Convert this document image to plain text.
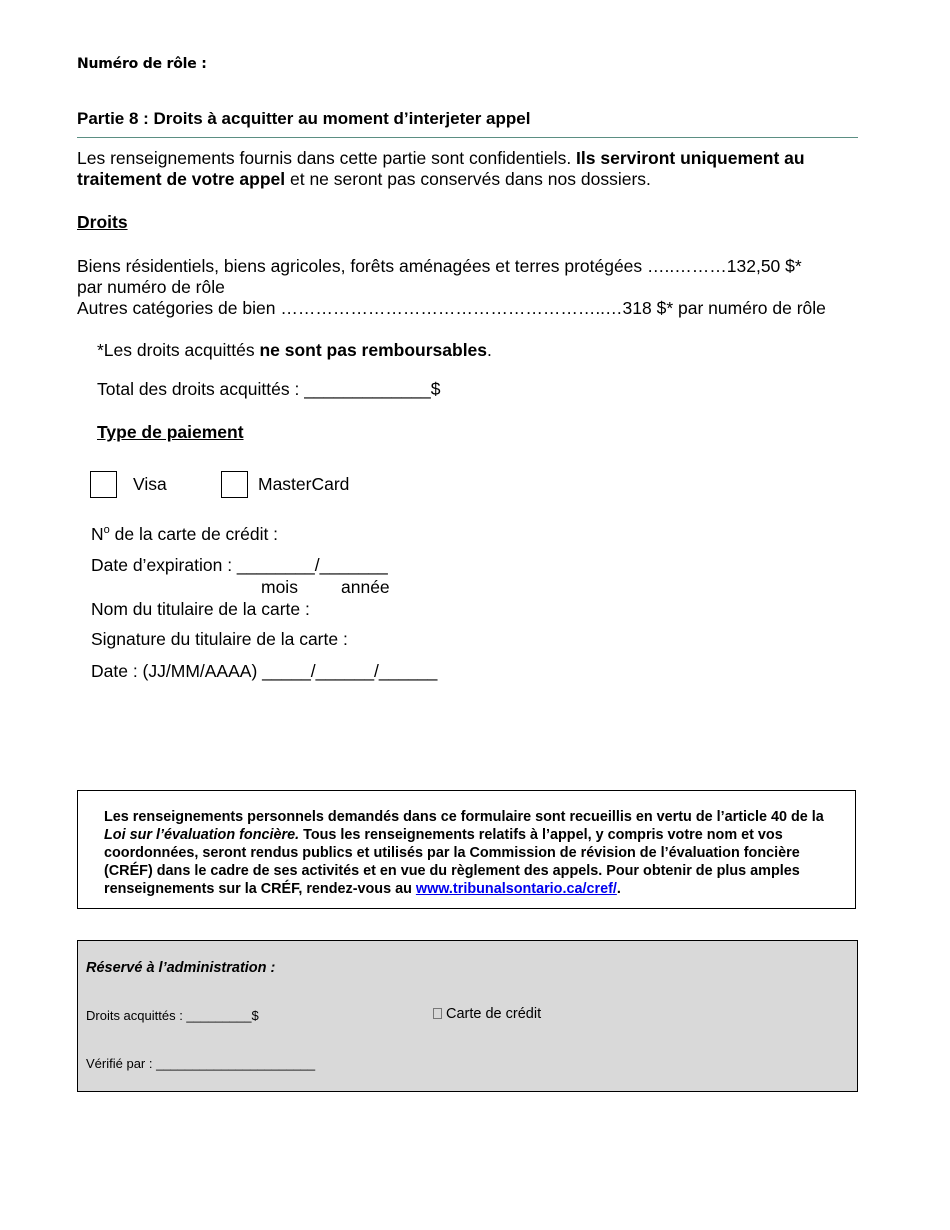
Numéro de rôle :
Partie 8 : Droits à acquitter au moment d’interjeter appel
Les renseignements fournis dans cette partie sont confidentiels. Ils serviront uniquement au traitement de votre appel et ne seront pas conservés dans nos dossiers.
Droits
Biens résidentiels, biens agricoles, forêts aménagées et terres protégées …..………132,50 $*
par numéro de rôle
Autres catégories de bien ………………………………………………..…318 $* par numéro de rôle
*Les droits acquittés ne sont pas remboursables.
Total des droits acquittés : _____________$
Type de paiement
Visa	MasterCard
$N^o$ de la carte de crédit :
Date d’expiration : ________/_______
mois année
Nom du titulaire de la carte :
Signature du titulaire de la carte :
Date : (JJ/MM/AAAA) _____/______/______
Les renseignements personnels demandés dans ce formulaire sont recueillis en vertu de l’article 40 de la Loi sur l’évaluation foncière. Tous les renseignements relatifs à l’appel, y compris votre nom et vos coordonnées, seront rendus publics et utilisés par la Commission de révision de l’évaluation foncière (CRÉF) dans le cadre de ses activités et en vue du règlement des appels. Pour obtenir de plus amples renseignements sur la CRÉF, rendez-vous au www.tribunalsontario.ca/cref/.
Réservé à l’administration :
Droits acquittés : _________$	Carte de crédit
Vérifié par : ______________________
